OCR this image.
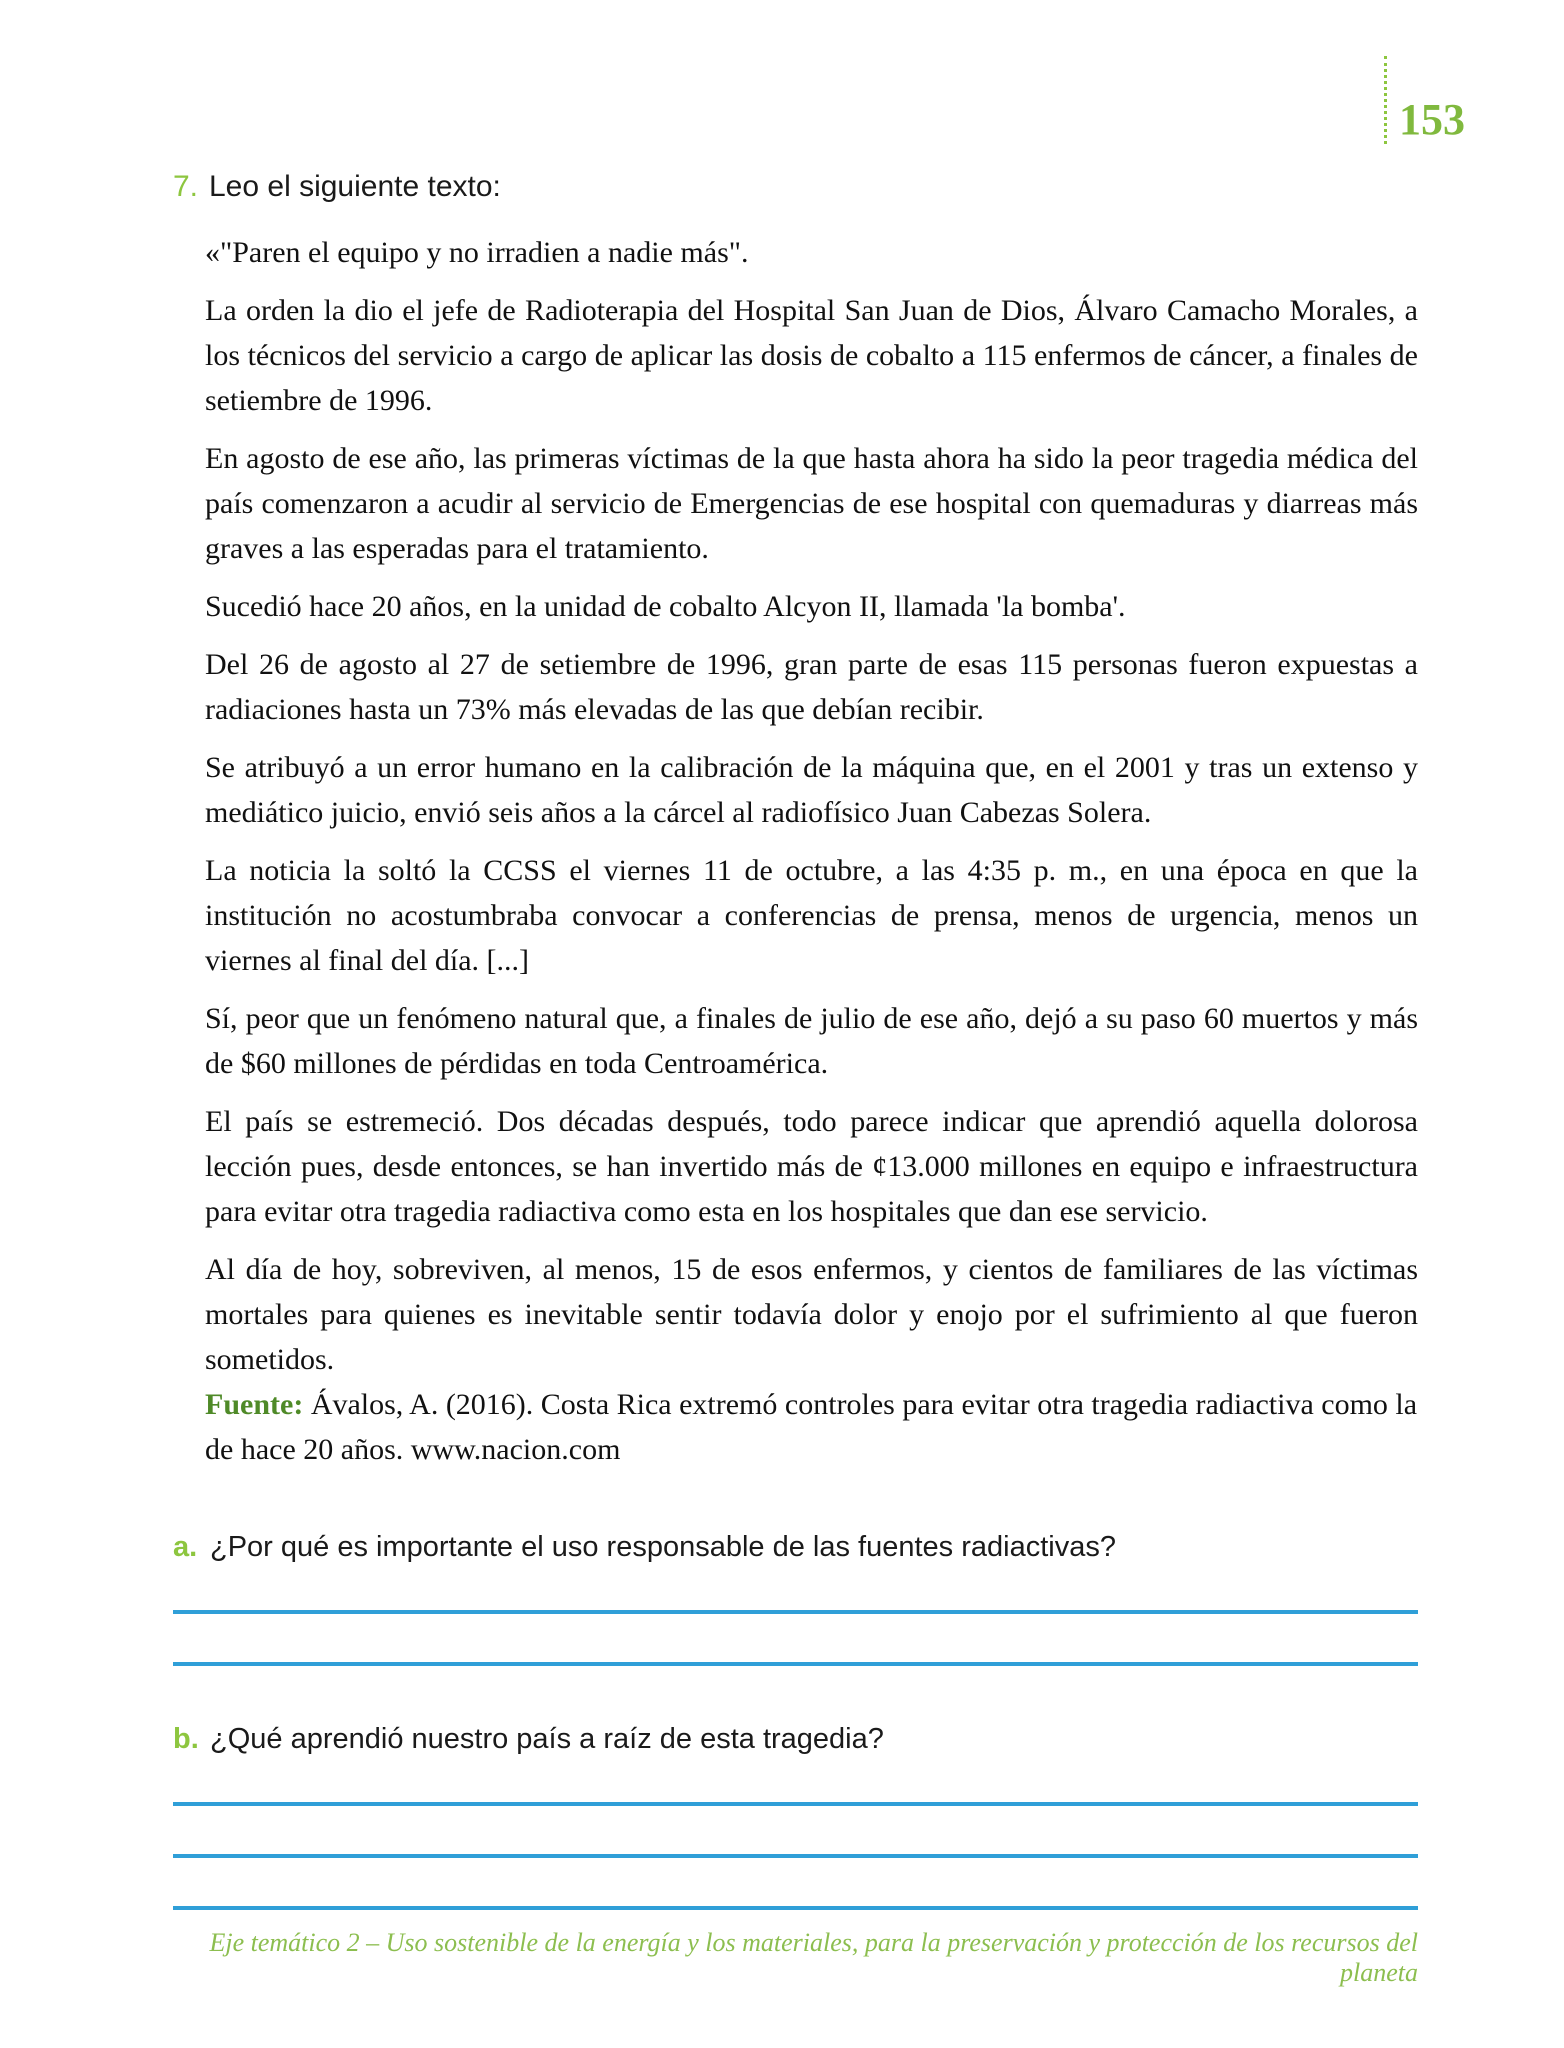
153
7. Leo el siguiente texto:

«"Paren el equipo y no irradien a nadie más".

La orden la dio el jefe de Radioterapia del Hospital San Juan de Dios, Álvaro Camacho Morales, a los técnicos del servicio a cargo de aplicar las dosis de cobalto a 115 enfermos de cáncer, a finales de setiembre de 1996.

En agosto de ese año, las primeras víctimas de la que hasta ahora ha sido la peor tragedia médica del país comenzaron a acudir al servicio de Emergencias de ese hospital con quemaduras y diarreas más graves a las esperadas para el tratamiento.

Sucedió hace 20 años, en la unidad de cobalto Alcyon II, llamada 'la bomba'.

Del 26 de agosto al 27 de setiembre de 1996, gran parte de esas 115 personas fueron expuestas a radiaciones hasta un 73% más elevadas de las que debían recibir.

Se atribuyó a un error humano en la calibración de la máquina que, en el 2001 y tras un extenso y mediático juicio, envió seis años a la cárcel al radiofísico Juan Cabezas Solera.

La noticia la soltó la CCSS el viernes 11 de octubre, a las 4:35 p. m., en una época en que la institución no acostumbraba convocar a conferencias de prensa, menos de urgencia, menos un viernes al final del día. [...]

Sí, peor que un fenómeno natural que, a finales de julio de ese año, dejó a su paso 60 muertos y más de $60 millones de pérdidas en toda Centroamérica.

El país se estremeció. Dos décadas después, todo parece indicar que aprendió aquella dolorosa lección pues, desde entonces, se han invertido más de ¢13.000 millones en equipo e infraestructura para evitar otra tragedia radiactiva como esta en los hospitales que dan ese servicio.

Al día de hoy, sobreviven, al menos, 15 de esos enfermos, y cientos de familiares de las víctimas mortales para quienes es inevitable sentir todavía dolor y enojo por el sufrimiento al que fueron sometidos.

Fuente: Ávalos, A. (2016). Costa Rica extremó controles para evitar otra tragedia radiactiva como la de hace 20 años. www.nacion.com

a. ¿Por qué es importante el uso responsable de las fuentes radiactivas?
b. ¿Qué aprendió nuestro país a raíz de esta tragedia?
Eje temático 2 – Uso sostenible de la energía y los materiales, para la preservación y protección de los recursos del planeta
